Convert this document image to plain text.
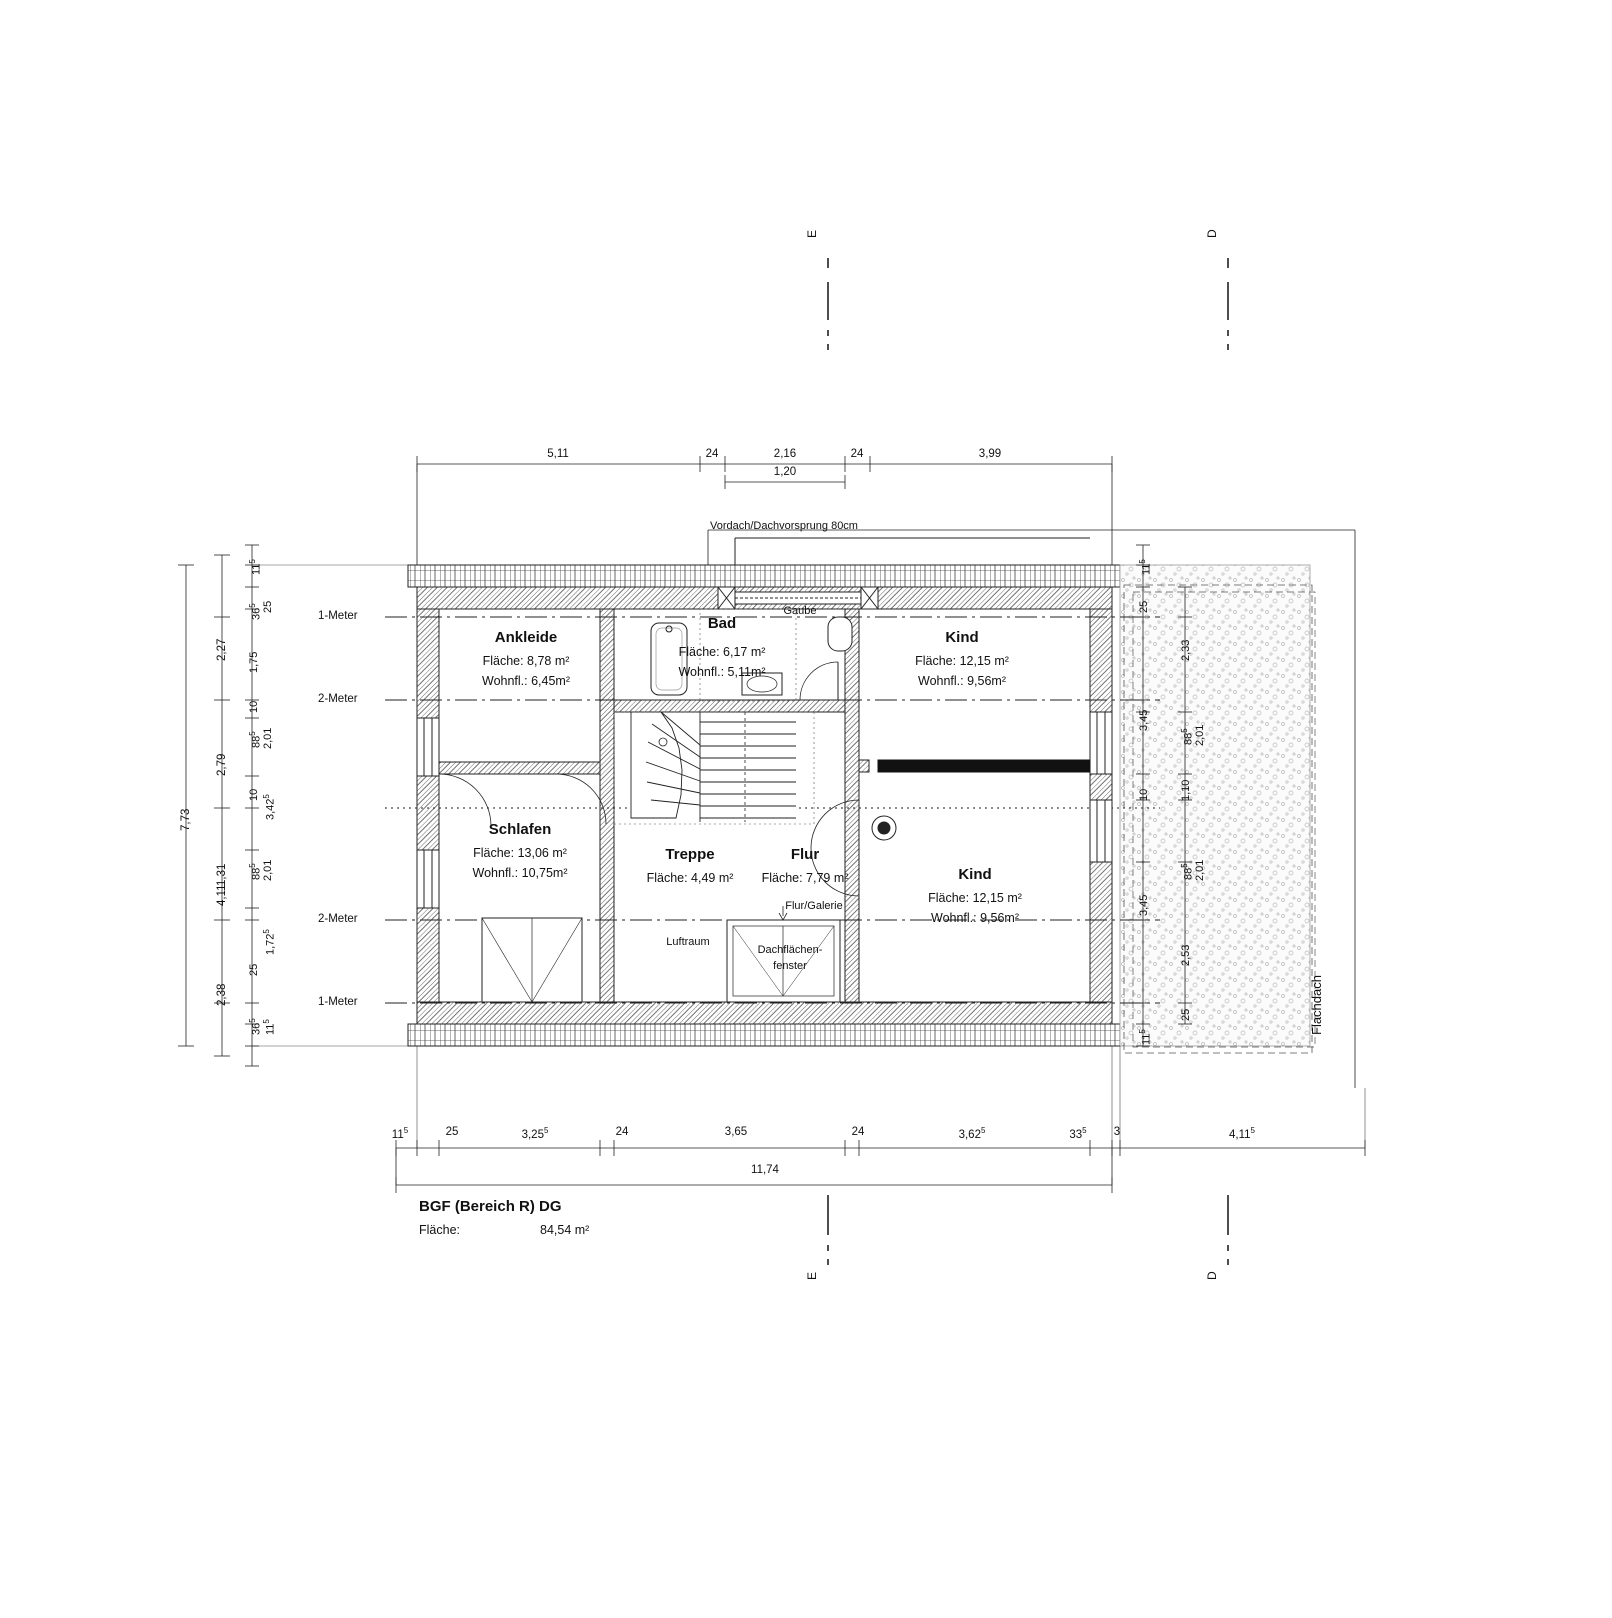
E	D
E	D
5,11	24	2,16	24	3,99
1,20
Vordach/Dachvorsprung 80cm
1-Meter
2-Meter
2-Meter
1-Meter
Ankleide
Fläche: 8,78 m²
Wohnfl.: 6,45m²
Bad
Fläche: 6,17 m²
Wohnfl.: 5,11m²
Gaube
Kind
Fläche: 12,15 m²
Wohnfl.: 9,56m²
Schlafen
Fläche: 13,06 m²
Wohnfl.: 10,75m²
Treppe
Fläche: 4,49 m²
Flur
Fläche: 7,79 m²
Flur/Galerie
Luftraum
Dachflächen-
fenster
Kind
Fläche: 12,15 m²
Wohnfl.: 9,56m²
Flachdach
7,73
2,27
2,79
1,31
4,11
2,38
$11^5$
$36^5$ 25
1,75
10
$88^5$ 2,01
10
3,42$^5$
$88^5$ 2,01
25
1,72$^5$
$36^5$
$11^5$
$11^5$
25
2,33
3,45
$88^5$ 2,01
10	1,10
$88^5$ 2,01
3,45
2,53
25
$11^5$
$11^5$	25	3,25$^5$	24	3,65	24	3,62$^5$	$33^5$ 3	4,11$^5$
11,74
BGF (Bereich R) DG
Fläche:	84,54 m²
